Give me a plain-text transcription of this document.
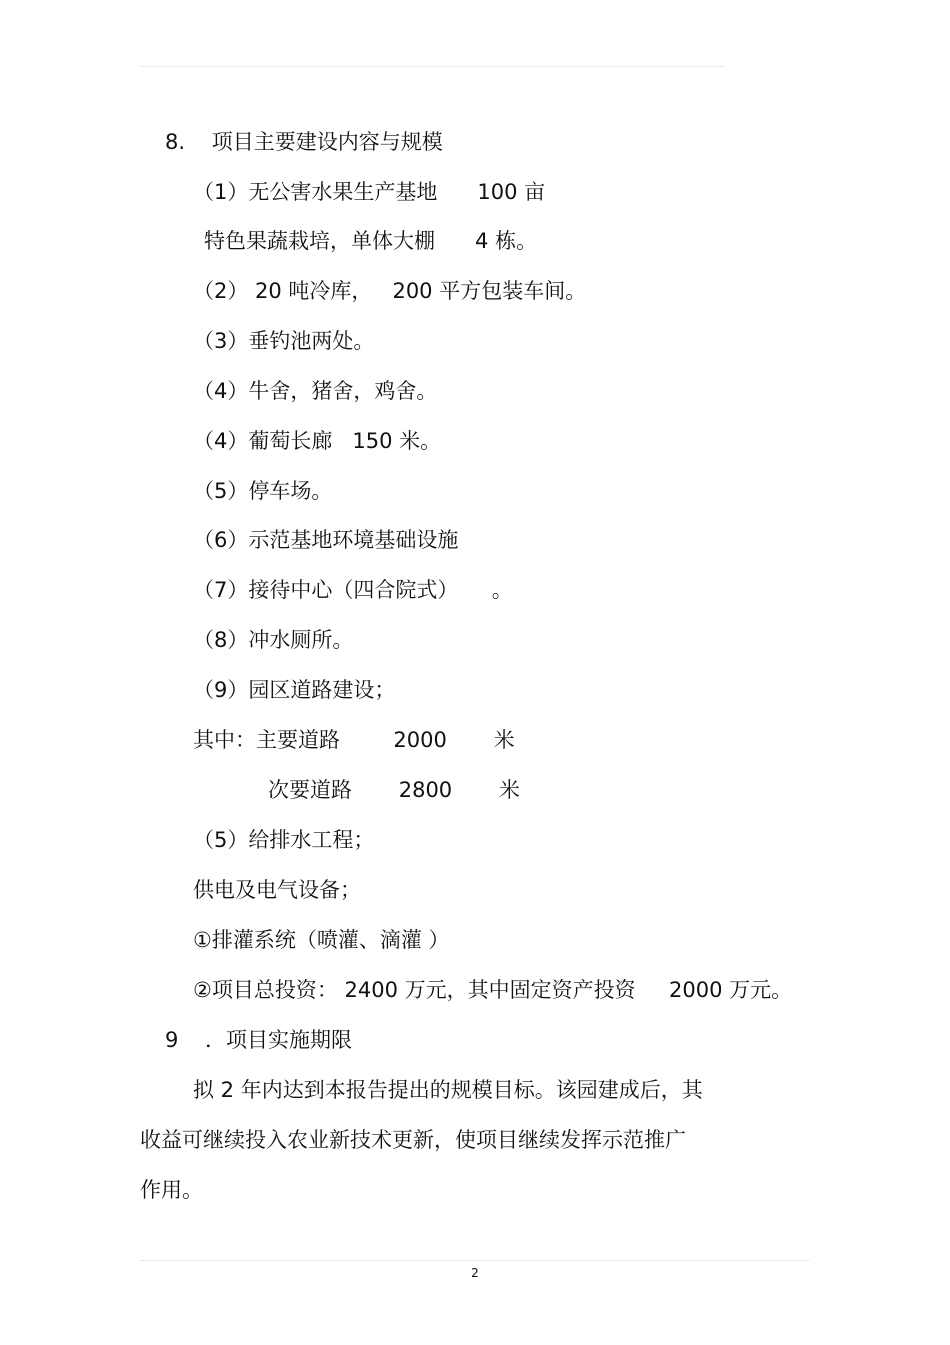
8.    项目主要建设内容与规模
（1）无公害水果生产基地      100 亩
特色果蔬栽培，单体大棚      4 栋。
（2） 20 吨冷库，   200 平方包装车间。
（3）垂钓池两处。
（4）牛舍，猪舍，鸡舍。
（4）葡萄长廊   150 米。
（5）停车场。
（6）示范基地环境基础设施
（7）接待中心（四合院式）     。
（8）冲水厕所。
（9）园区道路建设；
其中：主要道路        2000       米
次要道路       2800       米
（5）给排水工程；
供电及电气设备；
①排灌系统（喷灌、滴灌 ）
②项目总投资： 2400 万元，其中固定资产投资     2000 万元。
9    ．项目实施期限
拟 2 年内达到本报告提出的规模目标。该园建成后，其
收益可继续投入农业新技术更新，使项目继续发挥示范推广
作用。
2
